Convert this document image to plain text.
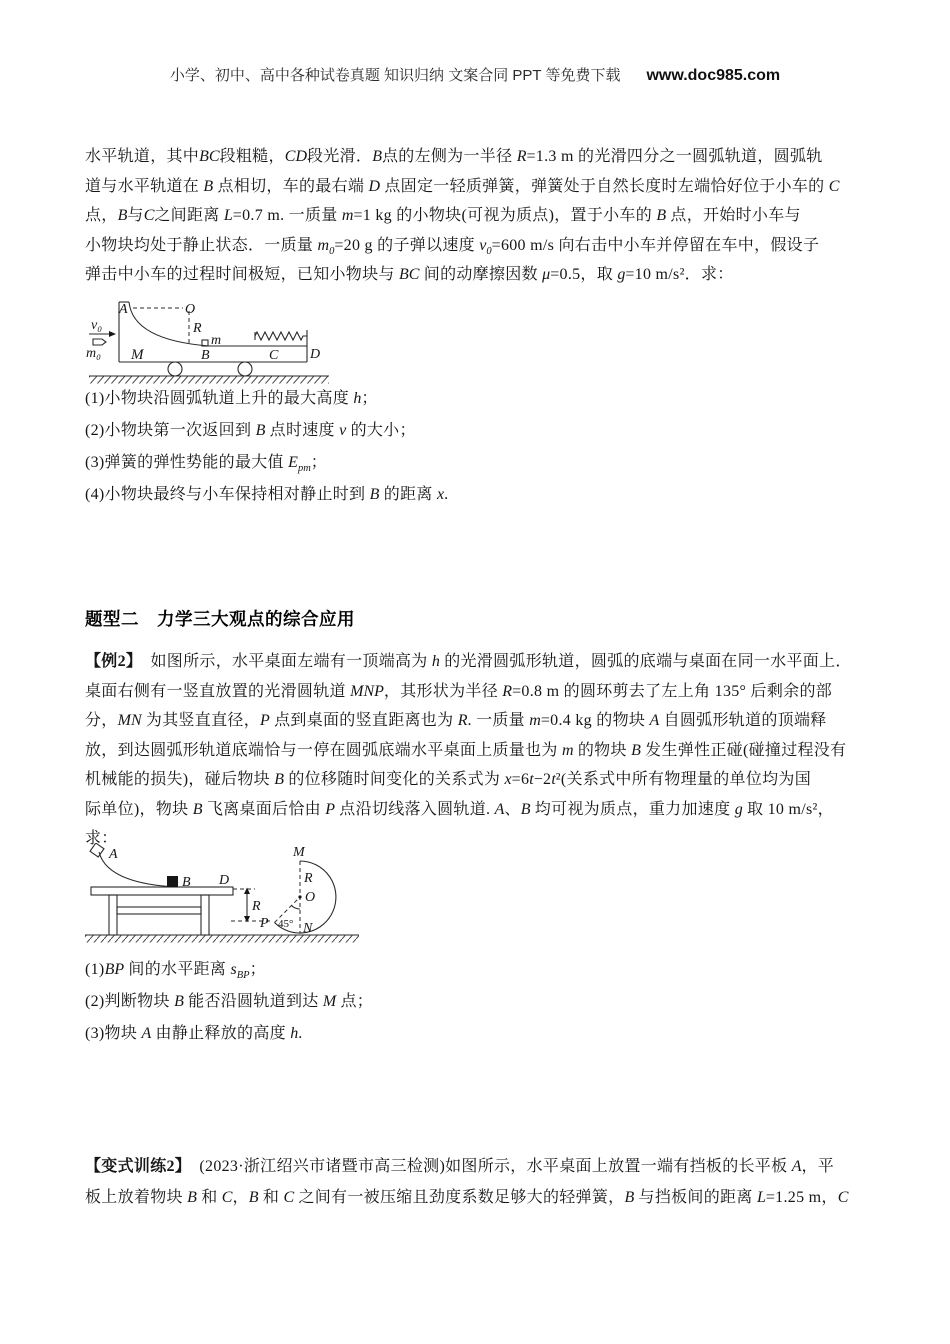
小学、初中、高中各种试卷真题 知识归纳 文案合同 PPT 等免费下载 www.doc985.com
水平轨道，其中BC段粗糙，CD段光滑．B点的左侧为一半径 R=1.3 m 的光滑四分之一圆弧轨道，圆弧轨
道与水平轨道在 B 点相切，车的最右端 D 点固定一轻质弹簧，弹簧处于自然长度时左端恰好位于小车的 C
点，B与C之间距离 L=0.7 m. 一质量 m=1 kg 的小物块(可视为质点)，置于小车的 B 点，开始时小车与
小物块均处于静止状态．一质量 $m_0=20$ g 的子弹以速度 $v_0=600$ m/s 向右击中小车并停留在车中，假设子
弹击中小车的过程时间极短，已知小物块与 BC 间的动摩擦因数 μ=0.5，取 g=10 m/s²．求：
v₀
m₀
A	O
R
m
M	B	C D
(1)小物块沿圆弧轨道上升的最大高度 h；
(2)小物块第一次返回到 B 点时速度 v 的大小；
(3)弹簧的弹性势能的最大值 $E_{pm}$；
(4)小物块最终与小车保持相对静止时到 B 的距离 x.
题型二　力学三大观点的综合应用
【例2】　如图所示，水平桌面左端有一顶端高为 h 的光滑圆弧形轨道，圆弧的底端与桌面在同一水平面上．
桌面右侧有一竖直放置的光滑圆轨道 MNP，其形状为半径 R=0.8 m 的圆环剪去了左上角 135° 后剩余的部
分，MN 为其竖直直径，P 点到桌面的竖直距离也为 R. 一质量 m=0.4 kg 的物块 A 自圆弧形轨道的顶端释
放，到达圆弧形轨道底端恰与一停在圆弧底端水平桌面上质量也为 m 的物块 B 发生弹性正碰(碰撞过程没有
机械能的损失)，碰后物块 B 的位移随时间变化的关系式为 x=6t−2t²(关系式中所有物理量的单位均为国
际单位)，物块 B 飞离桌面后恰由 P 点沿切线落入圆轨道. A、B 均可视为质点，重力加速度 g 取 10 m/s²，
求：
A
B D
R
M
R
O
P 45° N
(1)BP 间的水平距离 $s_{BP}$；
(2)判断物块 B 能否沿圆轨道到达 M 点；
(3)物块 A 由静止释放的高度 h.
【变式训练2】　(2023·浙江绍兴市诸暨市高三检测)如图所示，水平桌面上放置一端有挡板的长平板 A，平
板上放着物块 B 和 C，B 和 C 之间有一被压缩且劲度系数足够大的轻弹簧，B 与挡板间的距离 L=1.25 m，C
